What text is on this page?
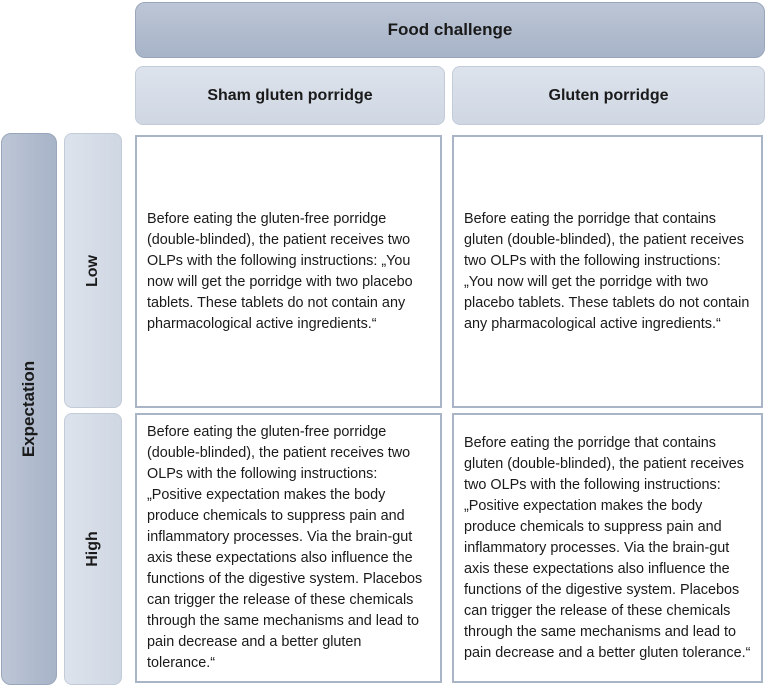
Food challenge
Sham gluten porridge	Gluten porridge
Expectation
Low
High
Before eating the gluten-free porridge (double-blinded), the patient receives two OLPs with the following instructions: „You now will get the porridge with two placebo tablets. These tablets do not contain any pharmacological active ingredients.“
Before eating the porridge that contains gluten (double-blinded), the patient receives two OLPs with the following instructions: „You now will get the porridge with two placebo tablets. These tablets do not contain any pharmacological active ingredients.“
Before eating the gluten-free porridge (double-blinded), the patient receives two OLPs with the following instructions: „Positive expectation makes the body produce chemicals to suppress pain and inflammatory processes. Via the brain-gut axis these expectations also influence the functions of the digestive system. Placebos can trigger the release of these chemicals through the same mechanisms and lead to pain decrease and a better gluten tolerance.“
Before eating the porridge that contains gluten (double-blinded), the patient receives two OLPs with the following instructions: „Positive expectation makes the body produce chemicals to suppress pain and inflammatory processes. Via the brain-gut axis these expectations also influence the functions of the digestive system. Placebos can trigger the release of these chemicals through the same mechanisms and lead to pain decrease and a better gluten tolerance.“
